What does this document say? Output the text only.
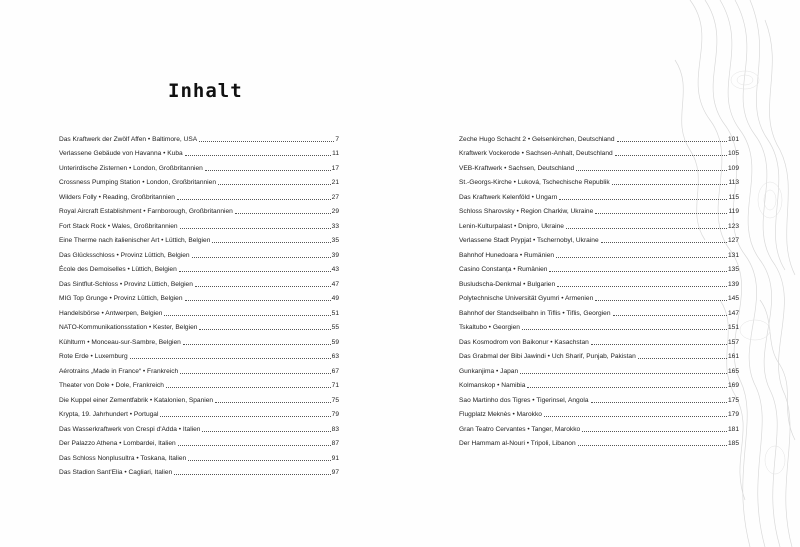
Inhalt
Das Kraftwerk der Zwölf Affen • Baltimore, USA	7
Verlassene Gebäude von Havanna • Kuba	11
Unterirdische Zisternen • London, Großbritannien	17
Crossness Pumping Station • London, Großbritannien	21
Wilders Folly • Reading, Großbritannien	27
Royal Aircraft Establishment • Farnborough, Großbritannien	29
Fort Stack Rock • Wales, Großbritannien	33
Eine Therme nach italienischer Art • Lüttich, Belgien	35
Das Glücksschloss • Provinz Lüttich, Belgien	39
École des Demoiselles • Lüttich, Belgien	43
Das Sintflut-Schloss • Provinz Lüttich, Belgien	47
MIG Top Grunge • Provinz Lüttich, Belgien	49
Handelsbörse • Antwerpen, Belgien	51
NATO-Kommunikationsstation • Kester, Belgien	55
Kühlturm • Monceau-sur-Sambre, Belgien	59
Rote Erde • Luxemburg	63
Aérotrains „Made in France“ • Frankreich	67
Theater von Dole • Dole, Frankreich	71
Die Kuppel einer Zementfabrik • Katalonien, Spanien	75
Krypta, 19. Jahrhundert • Portugal	79
Das Wasserkraftwerk von Crespi d'Adda • Italien	83
Der Palazzo Athena • Lombardei, Italien	87
Das Schloss Nonplusultra • Toskana, Italien	91
Das Stadion Sant'Elia • Cagliari, Italien	97
Zeche Hugo Schacht 2 • Gelsenkirchen, Deutschland	101
Kraftwerk Vockerode • Sachsen-Anhalt, Deutschland	105
VEB-Kraftwerk • Sachsen, Deutschland	109
St.-Georgs-Kirche • Luková, Tschechische Republik	113
Das Kraftwerk Kelenföld • Ungarn	115
Schloss Sharovsky • Region Charkiw, Ukraine	119
Lenin-Kulturpalast • Dnipro, Ukraine	123
Verlassene Stadt Prypjat • Tschernobyl, Ukraine	127
Bahnhof Hunedoara • Rumänien	131
Casino Constanța • Rumänien	135
Busludscha-Denkmal • Bulgarien	139
Polytechnische Universität Gyumri • Armenien	145
Bahnhof der Standseilbahn in Tiflis • Tiflis, Georgien	147
Tskaltubo • Georgien	151
Das Kosmodrom von Baikonur • Kasachstan	157
Das Grabmal der Bibi Jawindi • Uch Sharif, Punjab, Pakistan	161
Gunkanjima • Japan	165
Kolmanskop • Namibia	169
Sao Martinho dos Tigres • Tigerinsel, Angola	175
Flugplatz Meknès • Marokko	179
Gran Teatro Cervantes • Tanger, Marokko	181
Der Hammam al-Nouri • Tripoli, Libanon	185
